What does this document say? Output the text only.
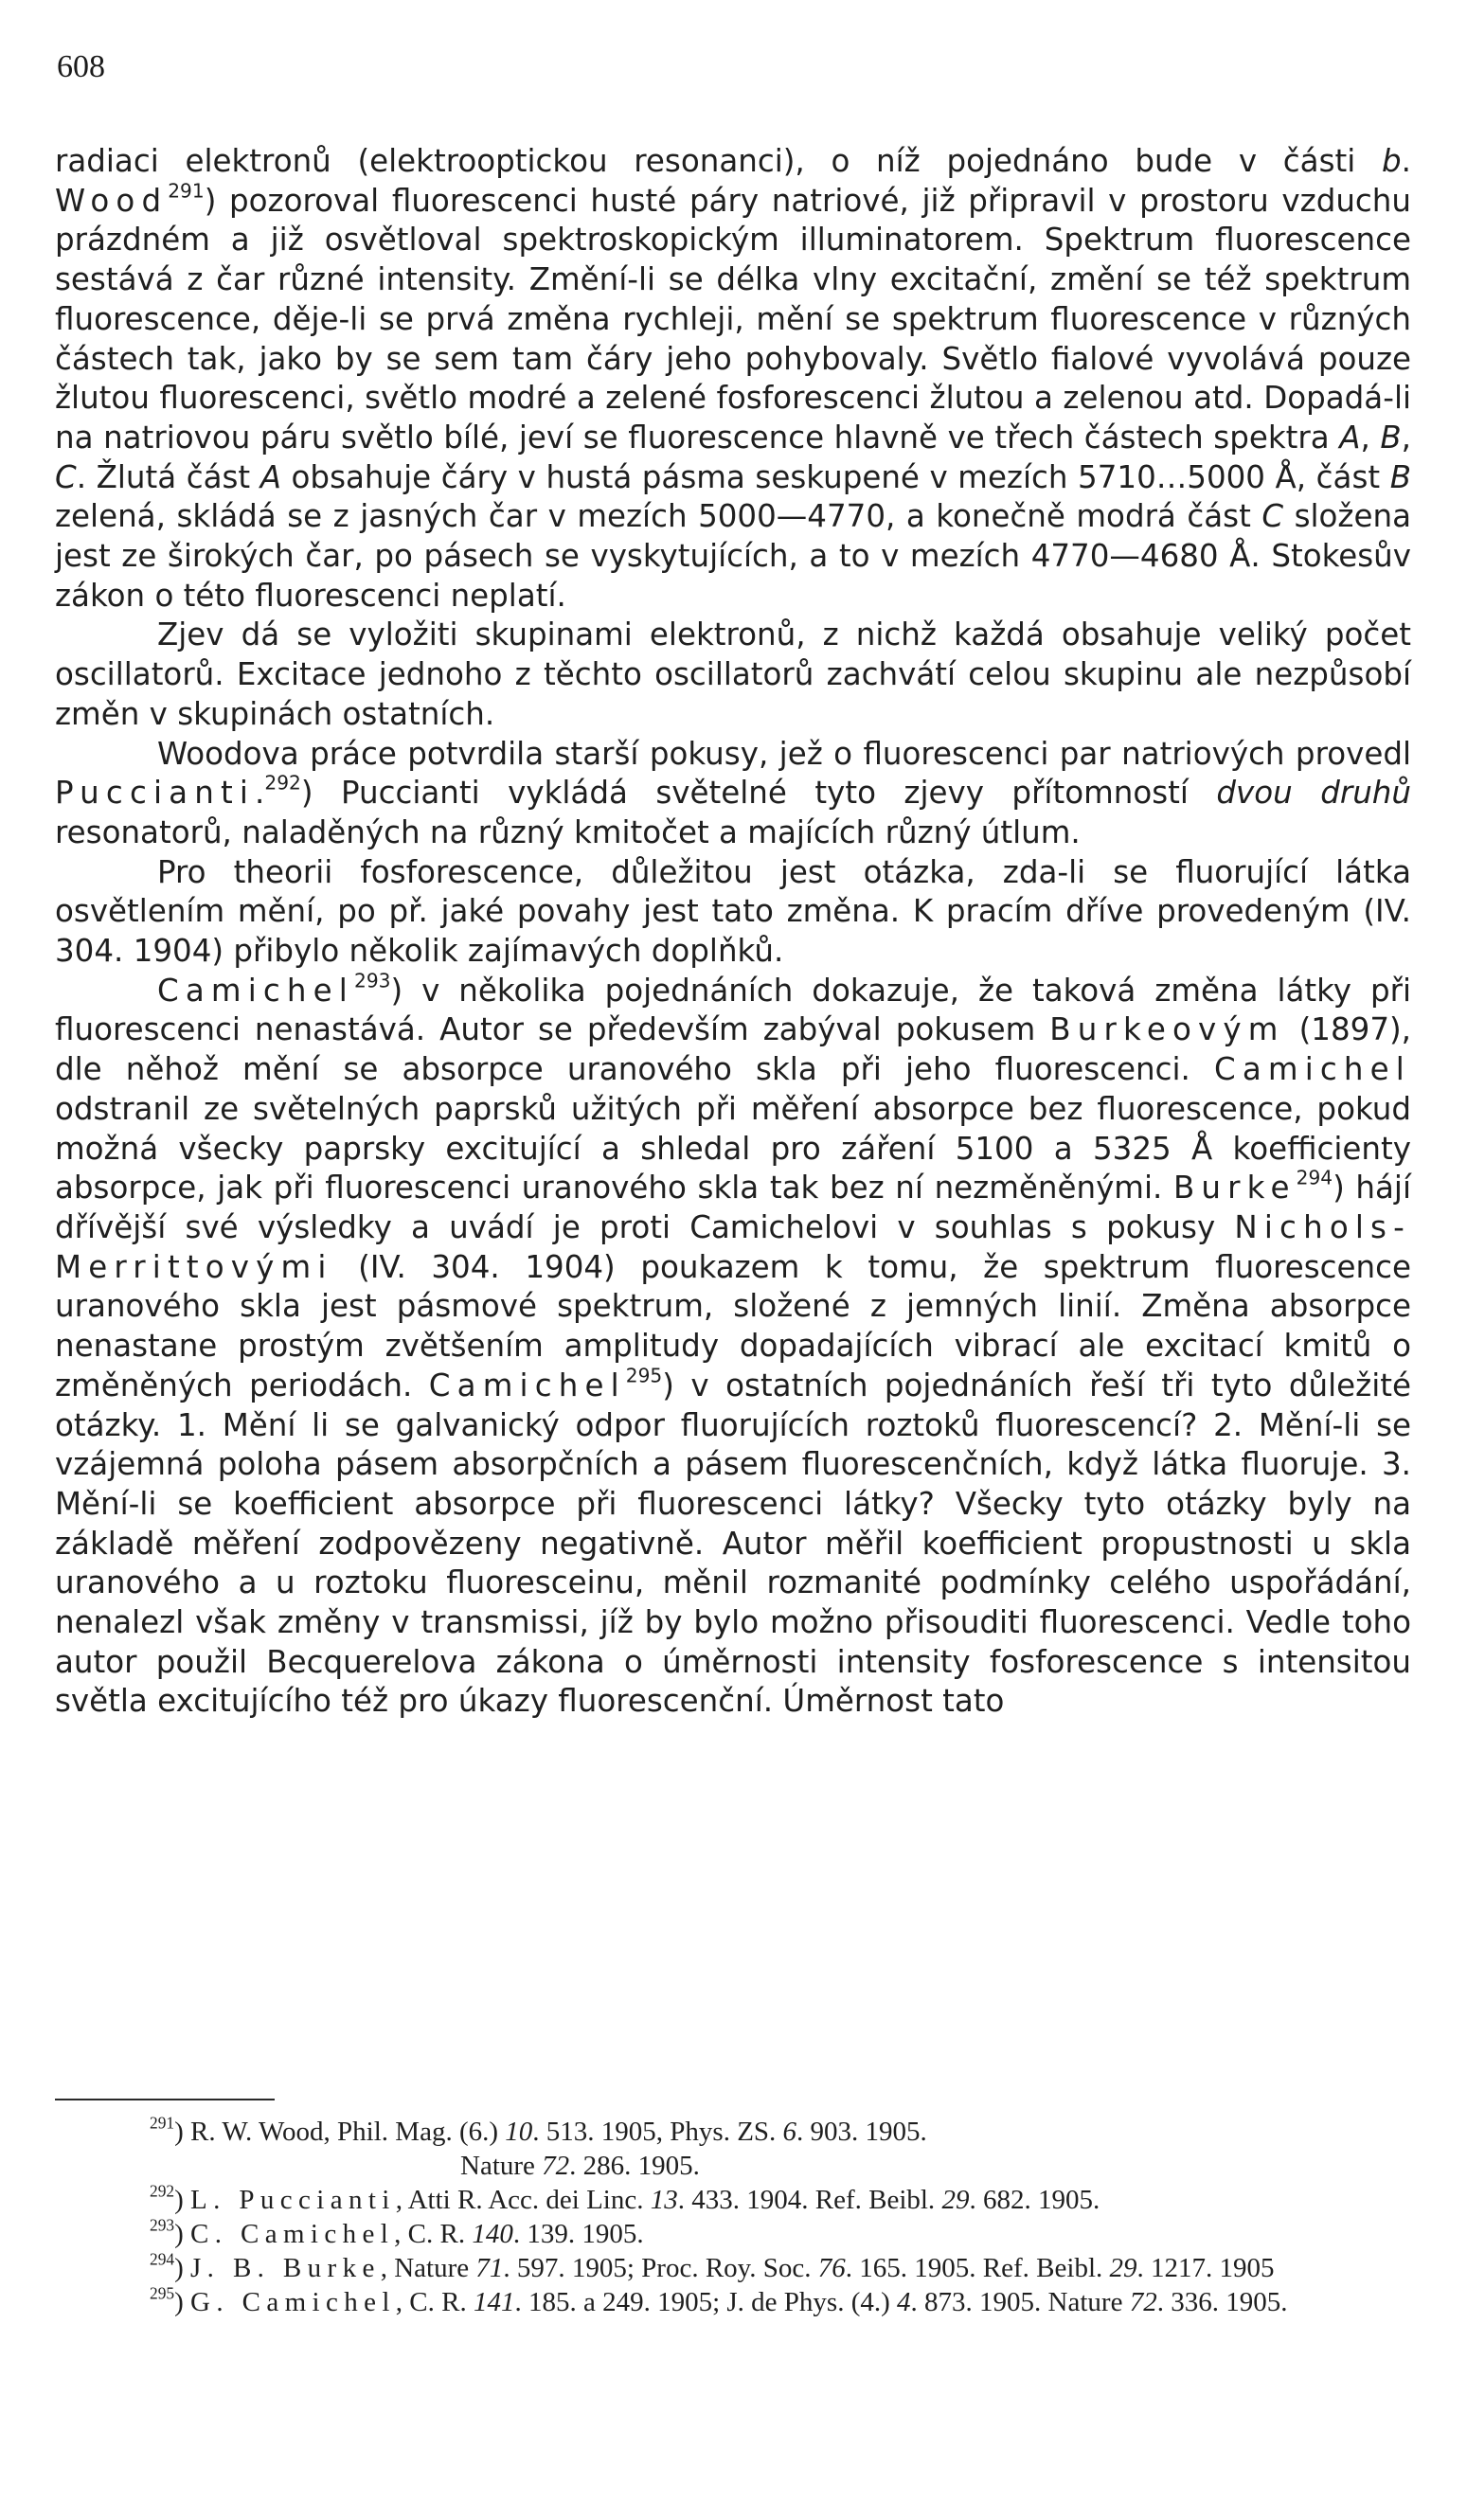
608

radiaci elektronů (elektrooptickou resonanci), o níž pojednáno bude v části b. Wood$^{291}$) pozoroval fluorescenci husté páry natriové, již připravil v prostoru vzduchu prázdném a již osvětloval spektroskopickým illuminatorem. Spektrum fluorescence sestává z čar různé intensity. Změní-li se délka vlny excitační, změní se též spektrum fluorescence, děje-li se prvá změna rychleji, mění se spektrum fluorescence v různých částech tak, jako by se sem tam čáry jeho pohybovaly. Světlo fialové vyvolává pouze žlutou fluorescenci, světlo modré a zelené fosforescenci žlutou a zelenou atd. Dopadá-li na natriovou páru světlo bílé, jeví se fluorescence hlavně ve třech částech spektra A, B, C. Žlutá část A obsahuje čáry v hustá pásma seskupené v mezích 5710…5000 Å, část B zelená, skládá se z jasných čar v mezích 5000—4770, a konečně modrá část C složena jest ze širokých čar, po pásech se vyskytujících, a to v mezích 4770—4680 Å. Stokesův zákon o této fluorescenci neplatí.

Zjev dá se vyložiti skupinami elektronů, z nichž každá obsahuje veliký počet oscillatorů. Excitace jednoho z těchto oscillatorů zachvátí celou skupinu ale nezpůsobí změn v skupinách ostatních.

Woodova práce potvrdila starší pokusy, jež o fluorescenci par natriových provedl Puccianti.$^{292}$) Puccianti vykládá světelné tyto zjevy přítomností dvou druhů resonatorů, naladěných na různý kmitočet a majících různý útlum.

Pro theorii fosforescence, důležitou jest otázka, zda-li se fluorující látka osvětlením mění, po př. jaké povahy jest tato změna. K pracím dříve provedeným (IV. 304. 1904) přibylo několik zajímavých doplňků.

Camichel$^{293}$) v několika pojednáních dokazuje, že taková změna látky při fluorescenci nenastává. Autor se především zabýval pokusem Burkeovým (1897), dle něhož mění se absorpce uranového skla při jeho fluorescenci. Camichel odstranil ze světelných paprsků užitých při měření absorpce bez fluorescence, pokud možná všecky paprsky excitující a shledal pro záření 5100 a 5325 Å koefficienty absorpce, jak při fluorescenci uranového skla tak bez ní nezměněnými. Burke$^{294}$) hájí dřívější své výsledky a uvádí je proti Camichelovi v souhlas s pokusy Nichols-Merrittovými (IV. 304. 1904) poukazem k tomu, že spektrum fluorescence uranového skla jest pásmové spektrum, složené z jemných linií. Změna absorpce nenastane prostým zvětšením amplitudy dopadajících vibrací ale excitací kmitů o změněných periodách. Camichel$^{295}$) v ostatních pojednáních řeší tři tyto důležité otázky. 1. Mění li se galvanický odpor fluorujících roztoků fluorescencí? 2. Mění-li se vzájemná poloha pásem absorpčních a pásem fluorescenčních, když látka fluoruje. 3. Mění-li se koefficient absorpce při fluorescenci látky? Všecky tyto otázky byly na základě měření zodpovězeny negativně. Autor měřil koefficient propustnosti u skla uranového a u roztoku fluoresceinu, měnil rozmanité podmínky celého uspořádání, nenalezl však změny v transmissi, jíž by bylo možno přisouditi fluorescenci. Vedle toho autor použil Becquerelova zákona o úměrnosti intensity fosforescence s intensitou světla excitujícího též pro úkazy fluorescenční. Úměrnost tato

$^{291}$) R. W. Wood, Phil. Mag. (6.) 10. 513. 1905, Phys. ZS. 6. 903. 1905.
Nature 72. 286. 1905.
$^{292}$) L. Puccianti, Atti R. Acc. dei Linc. 13. 433. 1904. Ref. Beibl. 29. 682. 1905.
$^{293}$) C. Camichel, C. R. 140. 139. 1905.
$^{294}$) J. B. Burke, Nature 71. 597. 1905; Proc. Roy. Soc. 76. 165. 1905. Ref. Beibl. 29. 1217. 1905
$^{295}$) G. Camichel, C. R. 141. 185. a 249. 1905; J. de Phys. (4.) 4. 873. 1905. Nature 72. 336. 1905.
